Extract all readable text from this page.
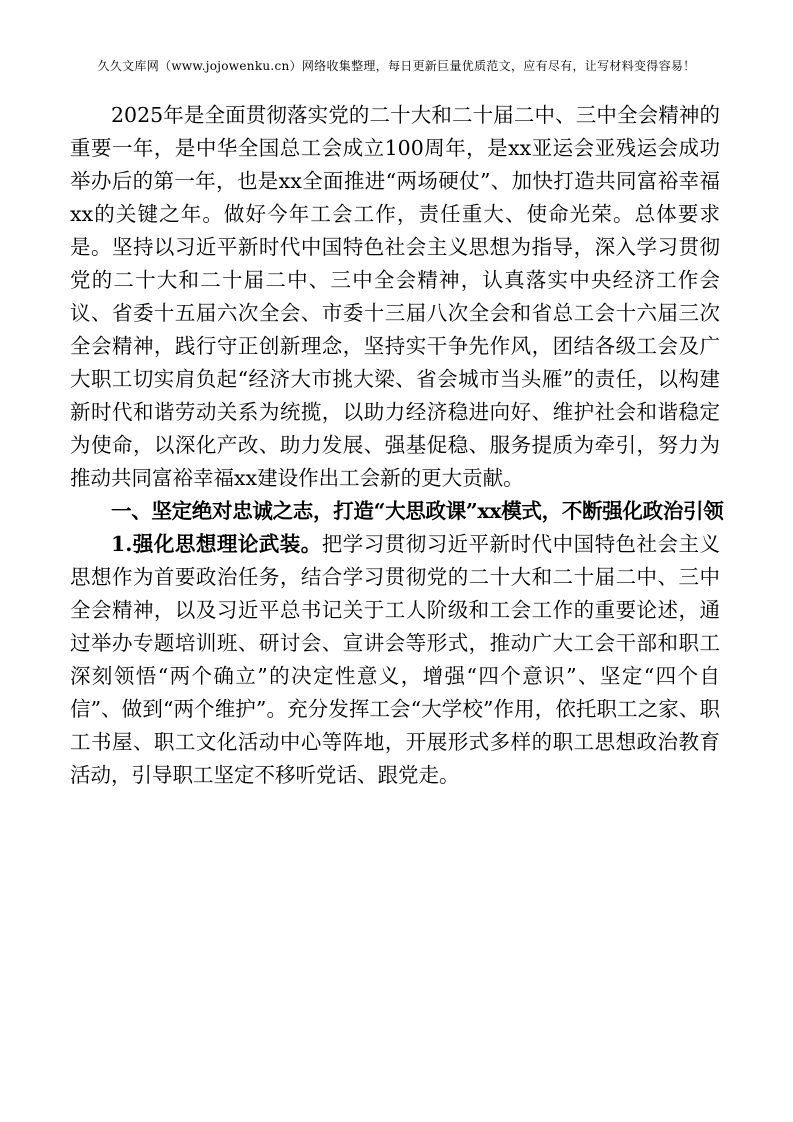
久久文库网（www.jojowenku.cn）网络收集整理，每日更新巨量优质范文，应有尽有，让写材料变得容易！

2025年是全面贯彻落实党的二十大和二十届二中、三中全会精神的重要一年，是中华全国总工会成立100周年，是xx亚运会亚残运会成功举办后的第一年，也是xx全面推进“两场硬仗”、加快打造共同富裕幸福xx的关键之年。做好今年工会工作，责任重大、使命光荣。总体要求是。坚持以习近平新时代中国特色社会主义思想为指导，深入学习贯彻党的二十大和二十届二中、三中全会精神，认真落实中央经济工作会议、省委十五届六次全会、市委十三届八次全会和省总工会十六届三次全会精神，践行守正创新理念，坚持实干争先作风，团结各级工会及广大职工切实肩负起“经济大市挑大梁、省会城市当头雁”的责任，以构建新时代和谐劳动关系为统揽，以助力经济稳进向好、维护社会和谐稳定为使命，以深化产改、助力发展、强基促稳、服务提质为牵引，努力为推动共同富裕幸福xx建设作出工会新的更大贡献。

一、坚定绝对忠诚之志，打造“大思政课”xx模式，不断强化政治引领

1.强化思想理论武装。把学习贯彻习近平新时代中国特色社会主义思想作为首要政治任务，结合学习贯彻党的二十大和二十届二中、三中全会精神，以及习近平总书记关于工人阶级和工会工作的重要论述，通过举办专题培训班、研讨会、宣讲会等形式，推动广大工会干部和职工深刻领悟“两个确立”的决定性意义，增强“四个意识”、坚定“四个自信”、做到“两个维护”。充分发挥工会“大学校”作用，依托职工之家、职工书屋、职工文化活动中心等阵地，开展形式多样的职工思想政治教育活动，引导职工坚定不移听党话、跟党走。
